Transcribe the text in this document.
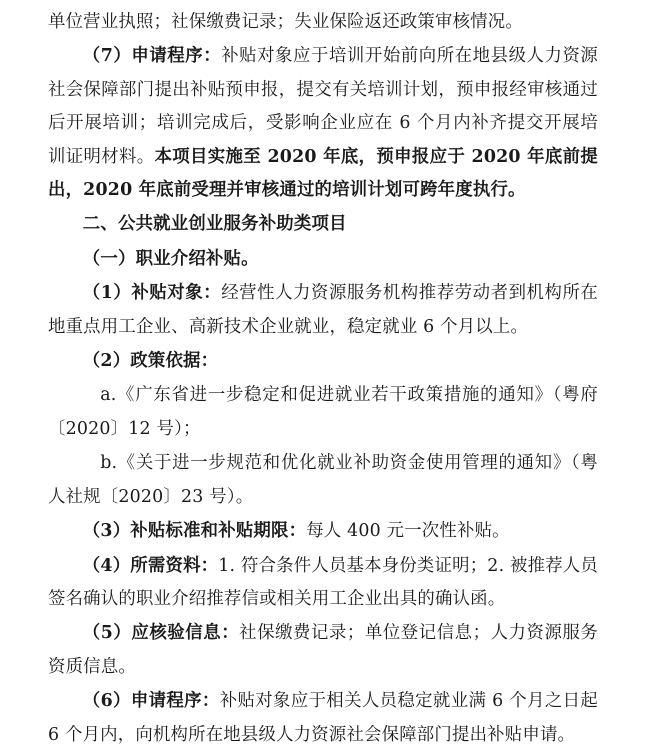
单位营业执照；社保缴费记录；失业保险返还政策审核情况。

（7）申请程序：补贴对象应于培训开始前向所在地县级人力资源社会保障部门提出补贴预申报，提交有关培训计划，预申报经审核通过后开展培训；培训完成后，受影响企业应在 6 个月内补齐提交开展培训证明材料。本项目实施至 2020 年底，预申报应于 2020 年底前提出，2020 年底前受理并审核通过的培训计划可跨年度执行。

二、公共就业创业服务补助类项目

（一）职业介绍补贴。

（1）补贴对象：经营性人力资源服务机构推荐劳动者到机构所在地重点用工企业、高新技术企业就业，稳定就业 6 个月以上。

（2）政策依据：

a.《广东省进一步稳定和促进就业若干政策措施的通知》（粤府〔2020〕12 号）；

b.《关于进一步规范和优化就业补助资金使用管理的通知》（粤人社规〔2020〕23 号）。

（3）补贴标准和补贴期限：每人 400 元一次性补贴。

（4）所需资料：1. 符合条件人员基本身份类证明；2. 被推荐人员签名确认的职业介绍推荐信或相关用工企业出具的确认函。

（5）应核验信息：社保缴费记录；单位登记信息；人力资源服务资质信息。

（6）申请程序：补贴对象应于相关人员稳定就业满 6 个月之日起 6 个月内，向机构所在地县级人力资源社会保障部门提出补贴申请。
